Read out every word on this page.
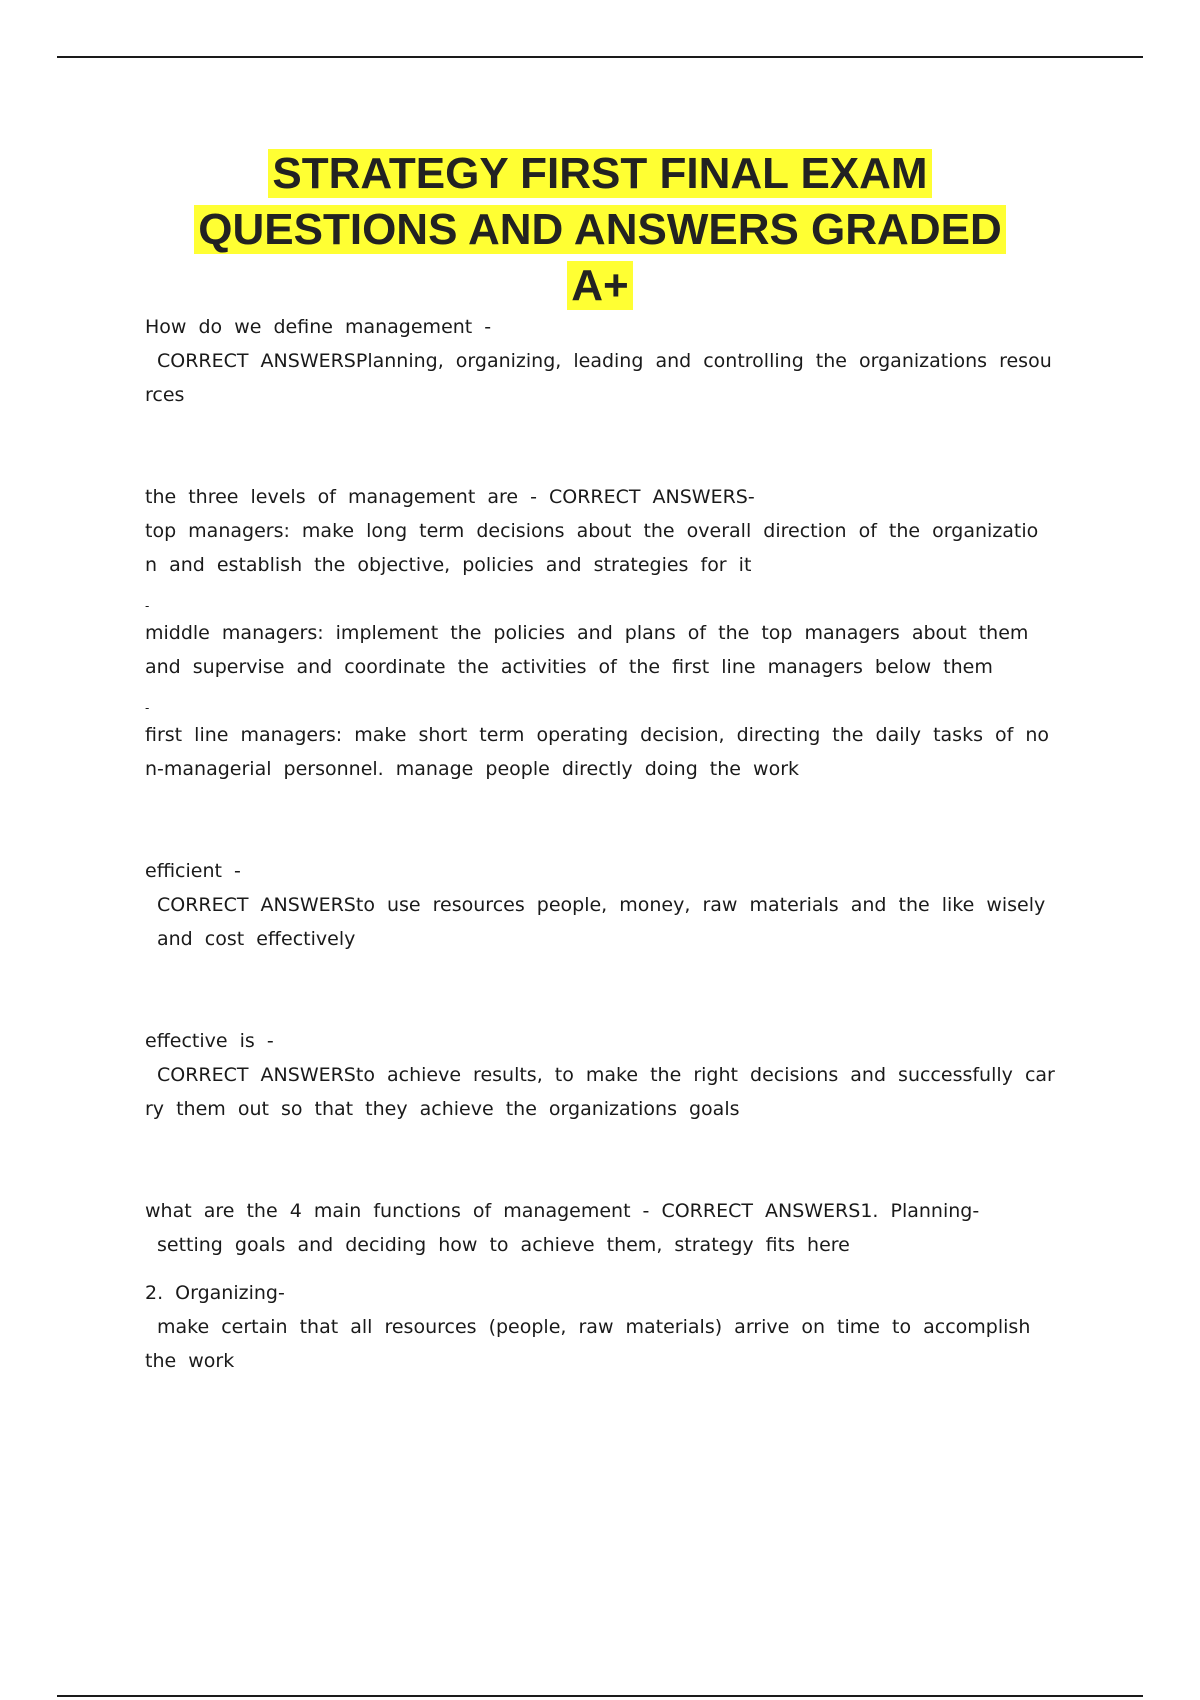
STRATEGY FIRST FINAL EXAM
QUESTIONS AND ANSWERS GRADED
A+

How do we define management -

CORRECT ANSWERSPlanning, organizing, leading and controlling the organizations resou

rces

the three levels of management are - CORRECT ANSWERS-

top managers: make long term decisions about the overall direction of the organizatio

n and establish the objective, policies and strategies for it

-

middle managers: implement the policies and plans of the top managers about them

and supervise and coordinate the activities of the first line managers below them

-

first line managers: make short term operating decision, directing the daily tasks of no

n-managerial personnel. manage people directly doing the work

efficient -

CORRECT ANSWERSto use resources people, money, raw materials and the like wisely

and cost effectively

effective is -

CORRECT ANSWERSto achieve results, to make the right decisions and successfully car

ry them out so that they achieve the organizations goals

what are the 4 main functions of management - CORRECT ANSWERS1. Planning-

setting goals and deciding how to achieve them, strategy fits here

2. Organizing-

make certain that all resources (people, raw materials) arrive on time to accomplish

the work
